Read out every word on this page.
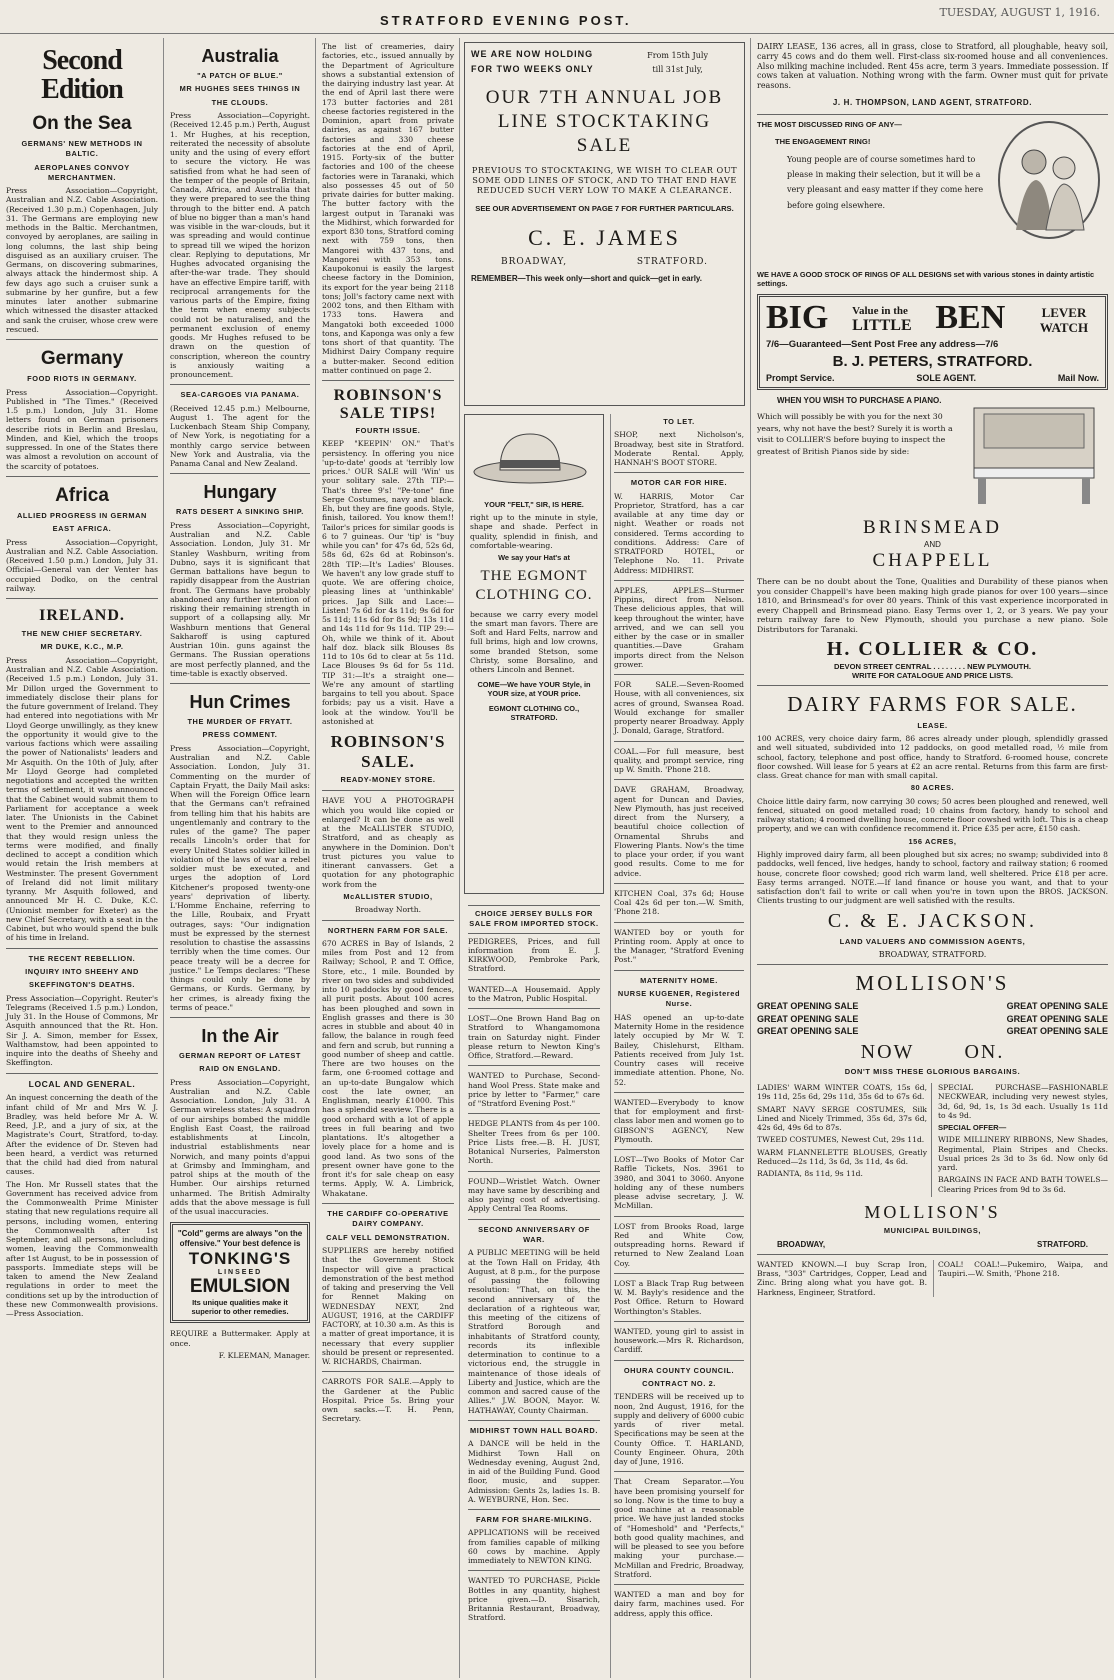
STRATFORD EVENING POST.
TUESDAY, AUGUST 1, 1916.
Second Edition
On the Sea
GERMANS' NEW METHODS IN BALTIC.
AEROPLANES CONVOY MERCHANTMEN.

Press Association—Copyright, Australian and N.Z. Cable Association. (Received 1.30 p.m.) Copenhagen, July 31. The Germans are employing new methods in the Baltic. Merchantmen, convoyed by aeroplanes, are sailing in long columns, the last ship being disguised as an auxiliary cruiser. The Germans, on discovering submarines, always attack the hindermost ship. A few days ago such a cruiser sunk a submarine by her gunfire, but a few minutes later another submarine which witnessed the disaster attacked and sank the cruiser, whose crew were rescued.

Germany
FOOD RIOTS IN GERMANY.

Press Association—Copyright. Published in "The Times." (Received 1.5 p.m.) London, July 31. Home letters found on German prisoners describe riots in Berlin and Breslau, Minden, and Kiel, which the troops suppressed. In one of the States there was almost a revolution on account of the scarcity of potatoes.

Africa
ALLIED PROGRESS IN GERMAN
EAST AFRICA.

Press Association—Copyright, Australian and N.Z. Cable Association. (Received 1.50 p.m.) London, July 31. Official—General van der Venter has occupied Dodko, on the central railway.

IRELAND.
THE NEW CHIEF SECRETARY.
MR DUKE, K.C., M.P.

Press Association—Copyright, Australian and N.Z. Cable Association. (Received 1.5 p.m.) London, July 31. Mr Dillon urged the Government to immediately disclose their plans for the future government of Ireland. They had entered into negotiations with Mr Lloyd George unwillingly, as they knew the opportunity it would give to the various factions which were assailing the power of Nationalists' leaders and Mr Asquith. On the 10th of July, after Mr Lloyd George had completed negotiations and accepted the written terms of settlement, it was announced that the Cabinet would submit them to Parliament for acceptance a week later. The Unionists in the Cabinet went to the Premier and announced that they would resign unless the terms were modified, and finally declined to accept a condition which would retain the Irish members at Westminster. The present Government of Ireland did not limit military tyranny. Mr Asquith followed, and announced Mr H. C. Duke, K.C. (Unionist member for Exeter) as the new Chief Secretary, with a seat in the Cabinet, but who would spend the bulk of his time in Ireland.

THE RECENT REBELLION.
INQUIRY INTO SHEEHY AND
SKEFFINGTON'S DEATHS.

Press Association—Copyright. Reuter's Telegrams (Received 1.5 p.m.) London, July 31. In the House of Commons, Mr Asquith announced that the Rt. Hon. Sir J. A. Simon, member for Essex, Walthamstow, had been appointed to inquire into the deaths of Sheehy and Skeffington.

LOCAL AND GENERAL.

An inquest concerning the death of the infant child of Mr and Mrs W. J. Bradley, was held before Mr A. W. Reed, J.P., and a jury of six, at the Magistrate's Court, Stratford, to-day. After the evidence of Dr. Steven had been heard, a verdict was returned that the child had died from natural causes.

The Hon. Mr Russell states that the Government has received advice from the Commonwealth Prime Minister stating that new regulations require all persons, including women, entering the Commonwealth after 1st September, and all persons, including women, leaving the Commonwealth after 1st August, to be in possession of passports. Immediate steps will be taken to amend the New Zealand regulations in order to meet the conditions set up by the introduction of these new Commonwealth provisions.—Press Association.

Australia
"A PATCH OF BLUE."
MR HUGHES SEES THINGS IN
THE CLOUDS.

Press Association—Copyright. (Received 12.45 p.m.) Perth, August 1. Mr Hughes, at his reception, reiterated the necessity of absolute unity and the using of every effort to secure the victory. He was satisfied from what he had seen of the temper of the people of Britain, Canada, Africa, and Australia that they were prepared to see the thing through to the bitter end. A patch of blue no bigger than a man's hand was visible in the war-clouds, but it was spreading and would continue to spread till we wiped the horizon clear. Replying to deputations, Mr Hughes advocated organising the after-the-war trade. They should have an effective Empire tariff, with reciprocal arrangements for the various parts of the Empire, fixing the term when enemy subjects could not be naturalised, and the permanent exclusion of enemy goods. Mr Hughes refused to be drawn on the question of conscription, whereon the country is anxiously waiting a pronouncement.

SEA-CARGOES VIA PANAMA.

(Received 12.45 p.m.) Melbourne, August 1. The agent for the Luckenbach Steam Ship Company, of New York, is negotiating for a monthly cargo service between New York and Australia, via the Panama Canal and New Zealand.

Hungary
RATS DESERT A SINKING SHIP.

Press Association—Copyright, Australian and N.Z. Cable Association. London, July 31. Mr Stanley Washburn, writing from Dubno, says it is significant that German battalions have begun to rapidly disappear from the Austrian front. The Germans have probably abandoned any further intention of risking their remaining strength in support of a collapsing ally. Mr Washburn mentions that General Sakharoff is using captured Austrian 10in. guns against the Germans. The Russian operations are most perfectly planned, and the time-table is exactly observed.

Hun Crimes
THE MURDER OF FRYATT.
PRESS COMMENT.

Press Association—Copyright, Australian and N.Z. Cable Association. London, July 31. Commenting on the murder of Captain Fryatt, the Daily Mail asks: When will the Foreign Office learn that the Germans can't refrained from telling him that his habits are ungentlemanly and contrary to the rules of the game? The paper recalls Lincoln's order that for every United States soldier killed in violation of the laws of war a rebel soldier must be executed, and urges the adoption of Lord Kitchener's proposed twenty-one years' deprivation of liberty. L'Homme Enchaine, referring to the Lille, Roubaix, and Fryatt outrages, says: "Our indignation must be expressed by the sternest resolution to chastise the assassins terribly when the time comes. Our peace treaty will be a decree for justice." Le Temps declares: "These things could only be done by Germans, or Kurds. Germany, by her crimes, is already fixing the terms of peace."

In the Air
GERMAN REPORT OF LATEST
RAID ON ENGLAND.

Press Association—Copyright, Australian and N.Z. Cable Association. London, July 31. A German wireless states: A squadron of our airships bombed the middle English East Coast, the railroad establishments at Lincoln, industrial establishments near Norwich, and many points d'appui at Grimsby and Immingham, and patrol ships at the mouth of the Humber. Our airships returned unharmed. The British Admiralty adds that the above message is full of the usual inaccuracies.

"Cold" germs are always "on the offensive." Your best defence is
TONKING'S
LINSEED
EMULSION
Its unique qualities make it superior to other remedies.

REQUIRE a Buttermaker. Apply at once.

F. KLEEMAN, Manager.

The list of creameries, dairy factories, etc., issued annually by the Department of Agriculture shows a substantial extension of the dairying industry last year. At the end of April last there were 173 butter factories and 281 cheese factories registered in the Dominion, apart from private dairies, as against 167 butter factories and 330 cheese factories at the end of April, 1915. Forty-six of the butter factories and 100 of the cheese factories were in Taranaki, which also possesses 45 out of 50 private dairies for butter making. The butter factory with the largest output in Taranaki was the Midhirst, which forwarded for export 830 tons, Stratford coming next with 759 tons, then Mangorei with 437 tons, and Mangorei with 353 tons. Kaupokonui is easily the largest cheese factory in the Dominion, its export for the year being 2118 tons; Joll's factory came next with 2002 tons, and then Eltham with 1733 tons. Hawera and Mangatoki both exceeded 1000 tons, and Kaponga was only a few tons short of that quantity. The Midhirst Dairy Company require a butter-maker. Second edition matter continued on page 2.

ROBINSON'S SALE TIPS!
FOURTH ISSUE.

KEEP "KEEPIN' ON." That's persistency. In offering you nice 'up-to-date' goods at 'terribly low prices.' OUR SALE will 'Win' us your solitary sale. 27th TIP:—That's three 9's! "Pe-tone" fine Serge Costumes, navy and black. Eh, but they are fine goods. Style, finish, tailored. You know them!! Tailor's prices for similar goods is 6 to 7 guineas. Our 'tip' is "buy while you can" for 47s 6d, 52s 6d, 58s 6d, 62s 6d at Robinson's. 28th TIP:—It's Ladies' Blouses. We haven't any low grade stuff to quote. We are offering choice, pleasing lines at 'unthinkable' prices. Jap Silk and Lace:—Listen! 7s 6d for 4s 11d; 9s 6d for 5s 11d; 11s 6d for 8s 9d; 13s 11d and 14s 11d for 9s 11d. TIP 29:—Oh, while we think of it. About half doz. black silk Blouses 8s 11d to 10s 6d to clear at 5s 11d. Lace Blouses 9s 6d for 5s 11d. TIP 31:—It's a straight one—We're any amount of startling bargains to tell you about. Space forbids; pay us a visit. Have a look at the window. You'll be astonished at

ROBINSON'S SALE.
READY-MONEY STORE.

HAVE YOU A PHOTOGRAPH which you would like copied or enlarged? It can be done as well at the McALLISTER STUDIO, Stratford, and as cheaply as anywhere in the Dominion. Don't trust pictures you value to itinerant canvassers. Get a quotation for any photographic work from the

McALLISTER STUDIO,

Broadway North.

NORTHERN FARM FOR SALE.

670 ACRES in Bay of Islands, 2 miles from Post and 12 from Railway; School, P. and T. Office, Store, etc., 1 mile. Bounded by river on two sides and subdivided into 10 paddocks by good fences, all purit posts. About 100 acres has been ploughed and sown in English grasses and there is 30 acres in stubble and about 40 in fallow, the balance in rough feed and fern and scrub, but running a good number of sheep and cattle. There are two houses on the farm, one 6-roomed cottage and an up-to-date Bungalow which cost the late owner, an Englishman, nearly £1000. This has a splendid seaview. There is a good orchard with a lot of apple trees in full bearing and two plantations. It's altogether a lovely place for a home and is good land. As two sons of the present owner have gone to the front it's for sale cheap on easy terms. Apply, W. A. Limbrick, Whakatane.

THE CARDIFF CO-OPERATIVE DAIRY COMPANY.
CALF VELL DEMONSTRATION.

SUPPLIERS are hereby notified that the Government Stock Inspector will give a practical demonstration of the best method of taking and preserving the Vell for Rennet Making on WEDNESDAY NEXT, 2nd AUGUST, 1916, at the CARDIFF FACTORY, at 10.30 a.m. As this is a matter of great importance, it is necessary that every supplier should be present or represented. W. RICHARDS, Chairman.

CARROTS FOR SALE.—Apply to the Gardener at the Public Hospital. Price 5s. Bring your own sacks.—T. H. Penn, Secretary.

WE ARE NOW HOLDING
FOR TWO WEEKS ONLY
From 15th July
till 31st July,
OUR 7TH ANNUAL JOB LINE STOCKTAKING SALE

PREVIOUS TO STOCKTAKING, WE WISH TO CLEAR OUT SOME ODD LINES OF STOCK, AND TO THAT END HAVE REDUCED SUCH VERY LOW TO MAKE A CLEARANCE.

SEE OUR ADVERTISEMENT ON PAGE 7 FOR FURTHER PARTICULARS.
C. E. JAMES
BROADWAY,	STRATFORD.
REMEMBER—This week only—short and quick—get in early.
YOUR "FELT," SIR, IS HERE.

right up to the minute in style, shape and shade. Perfect in quality, splendid in finish, and comfortable-wearing.

We say your Hat's at
THE EGMONT CLOTHING CO.

because we carry every model the smart man favors. There are Soft and Hard Felts, narrow and full brims, high and low crowns, some branded Stetson, some Christy, some Borsalino, and others Lincoln and Bennet.

COME—We have YOUR Style, in YOUR size, at YOUR price.
EGMONT CLOTHING CO., STRATFORD.
CHOICE JERSEY BULLS FOR SALE FROM IMPORTED STOCK.

PEDIGREES, Prices, and full information from E. J. KIRKWOOD, Pembroke Park, Stratford.

WANTED—A Housemaid. Apply to the Matron, Public Hospital.

LOST—One Brown Hand Bag on Stratford to Whangamomona train on Saturday night. Finder please return to Newton King's Office, Stratford.—Reward.

WANTED to Purchase, Second-hand Wool Press. State make and price by letter to "Farmer," care of "Stratford Evening Post."

HEDGE PLANTS from 4s per 100. Shelter Trees from 6s per 100. Price Lists free.—B. H. JUST, Botanical Nurseries, Palmerston North.

FOUND—Wristlet Watch. Owner may have same by describing and also paying cost of advertising. Apply Central Tea Rooms.

SECOND ANNIVERSARY OF WAR.

A PUBLIC MEETING will be held at the Town Hall on Friday, 4th August, at 8 p.m., for the purpose of passing the following resolution: "That, on this, the second anniversary of the declaration of a righteous war, this meeting of the citizens of Stratford Borough and inhabitants of Stratford county, records its inflexible determination to continue to a victorious end, the struggle in maintenance of those ideals of Liberty and Justice, which are the common and sacred cause of the Allies." J.W. BOON, Mayor. W. HATHAWAY, County Chairman.

MIDHIRST TOWN HALL BOARD.

A DANCE will be held in the Midhirst Town Hall on Wednesday evening, August 2nd, in aid of the Building Fund. Good floor, music, and supper. Admission: Gents 2s, ladies 1s. B. A. WEYBURNE, Hon. Sec.

FARM FOR SHARE-MILKING.

APPLICATIONS will be received from families capable of milking 60 cows by machine. Apply immediately to NEWTON KING.

WANTED TO PURCHASE, Pickle Bottles in any quantity, highest price given.—D. Sisarich, Britannia Restaurant, Broadway, Stratford.

TO LET.

SHOP, next Nicholson's, Broadway, best site in Stratford. Moderate Rental. Apply, HANNAH'S BOOT STORE.

MOTOR CAR FOR HIRE.

W. HARRIS, Motor Car Proprietor, Stratford, has a car available at any time day or night. Weather or roads not considered. Terms according to conditions. Address: Care of STRATFORD HOTEL, or Telephone No. 11. Private Address: MIDHIRST.

APPLES, APPLES—Sturmer Pippins, direct from Nelson. These delicious apples, that will keep throughout the winter, have arrived, and we can sell you either by the case or in smaller quantities.—Dave Graham imports direct from the Nelson grower.

FOR SALE.—Seven-Roomed House, with all conveniences, six acres of ground, Swansea Road. Would exchange for smaller property nearer Broadway. Apply J. Donald, Garage, Stratford.

COAL.—For full measure, best quality, and prompt service, ring up W. Smith. 'Phone 218.

DAVE GRAHAM, Broadway, agent for Duncan and Davies, New Plymouth, has just received direct from the Nursery, a beautiful choice collection of Ornamental Shrubs and Flowering Plants. Now's the time to place your order, if you want good results. Come to me for advice.

KITCHEN Coal, 37s 6d; House Coal 42s 6d per ton.—W. Smith, 'Phone 218.

WANTED boy or youth for Printing room. Apply at once to the Manager, "Stratford Evening Post."

MATERNITY HOME.
NURSE KUGENER, Registered Nurse.

HAS opened an up-to-date Maternity Home in the residence lately occupied by Mr W. T. Bailey, Chislehurst, Eltham. Patients received from July 1st. Country cases will receive immediate attention. Phone, No. 52.

WANTED—Everybody to know that for employment and first-class labor men and women go to GIBSON'S AGENCY, New Plymouth.

LOST—Two Books of Motor Car Raffle Tickets, Nos. 3961 to 3980, and 3041 to 3060. Anyone holding any of these numbers please advise secretary, J. W. McMillan.

LOST from Brooks Road, large Red and White Cow, outspreading horns. Reward if returned to New Zealand Loan Coy.

LOST a Black Trap Rug between W. M. Bayly's residence and the Post Office. Return to Howard Worthington's Stables.

WANTED, young girl to assist in housework.—Mrs R. Richardson, Cardiff.

OHURA COUNTY COUNCIL.
CONTRACT NO. 2.

TENDERS will be received up to noon, 2nd August, 1916, for the supply and delivery of 6000 cubic yards of river metal. Specifications may be seen at the County Office. T. HARLAND, County Engineer. Ohura, 20th day of June, 1916.

That Cream Separator.—You have been promising yourself for so long. Now is the time to buy a good machine at a reasonable price. We have just landed stocks of "Homeshold" and "Perfects," both good quality machines, and will be pleased to see you before making your purchase.—McMillan and Fredric, Broadway, Stratford.

WANTED a man and boy for dairy farm, machines used. For address, apply this office.

DAIRY LEASE, 136 acres, all in grass, close to Stratford, all ploughable, heavy soil, carry 45 cows and do them well. First-class six-roomed house and all conveniences. Also milking machine included. Rent 45s acre, term 3 years. Immediate possession. If cows taken at valuation. Nothing wrong with the farm. Owner must quit for private reasons.

J. H. THOMPSON, LAND AGENT, STRATFORD.
THE MOST DISCUSSED RING OF ANY—
THE ENGAGEMENT RING!

Young people are of course sometimes hard to please in making their selection, but it will be a very pleasant and easy matter if they come here before going elsewhere.

WE HAVE A GOOD STOCK OF RINGS OF ALL DESIGNS set with various stones in dainty artistic settings.
BIG Value in the
LITTLE BEN	LEVER WATCH
7/6—Guaranteed—Sent Post Free any address—7/6
B. J. PETERS, STRATFORD.
Prompt Service.	SOLE AGENT.	Mail Now.
WHEN YOU WISH TO PURCHASE A PIANO.

Which will possibly be with you for the next 30 years, why not have the best? Surely it is worth a visit to COLLIER'S before buying to inspect the greatest of British Pianos side by side:

BRINSMEAD
AND
CHAPPELL

There can be no doubt about the Tone, Qualities and Durability of these pianos when you consider Chappell's have been making high grade pianos for over 100 years—since 1810, and Brinsmead's for over 80 years. Think of this vast experience incorporated in every Chappell and Brinsmead piano. Easy Terms over 1, 2, or 3 years. We pay your return railway fare to New Plymouth, should you purchase a new piano. Sole Distributors for Taranaki.

H. COLLIER & CO.
DEVON STREET CENTRAL . . . . . . . . NEW PLYMOUTH.
WRITE FOR CATALOGUE AND PRICE LISTS.
DAIRY FARMS FOR SALE.
LEASE.

100 ACRES, very choice dairy farm, 86 acres already under plough, splendidly grassed and well situated, subdivided into 12 paddocks, on good metalled road, ½ mile from school, factory, telephone and post office, handy to Stratford. 6-roomed house, concrete floor cowshed. Will lease for 5 years at £2 an acre rental. Returns from this farm are first-class. Great chance for man with small capital.

80 ACRES.

Choice little dairy farm, now carrying 30 cows; 50 acres been ploughed and renewed, well fenced, situated on good metalled road; 10 chains from factory, handy to school and railway station; 4 roomed dwelling house, concrete floor cowshed with loft. This is a cheap property, and we can with confidence recommend it. Price £35 per acre, £150 cash.

156 ACRES,

Highly improved dairy farm, all been ploughed but six acres; no swamp; subdivided into 8 paddocks, well fenced, live hedges, handy to school, factory and railway station; 6 roomed house, concrete floor cowshed; good rich warm land, well sheltered. Price £18 per acre. Easy terms arranged. NOTE.—If land finance or house you want, and that to your satisfaction don't fail to write or call when you're in town upon the BROS. JACKSON. Clients trusting to our judgment are well satisfied with the results.

C. & E. JACKSON.
LAND VALUERS AND COMMISSION AGENTS,
BROADWAY, STRATFORD.
MOLLISON'S
GREAT OPENING SALE
GREAT OPENING SALE
GREAT OPENING SALE
GREAT OPENING SALE
GREAT OPENING SALE
GREAT OPENING SALE
NOW	ON.
DON'T MISS THESE GLORIOUS BARGAINS.

LADIES' WARM WINTER COATS, 15s 6d, 19s 11d, 25s 6d, 29s 11d, 35s 6d to 67s 6d.

SMART NAVY SERGE COSTUMES, Silk Lined and Nicely Trimmed, 35s 6d, 37s 6d, 42s 6d, 49s 6d to 87s.

TWEED COSTUMES, Newest Cut, 29s 11d.

WARM FLANNELETTE BLOUSES, Greatly Reduced—2s 11d, 3s 6d, 3s 11d, 4s 6d.

RADIANTA, 8s 11d, 9s 11d.

SPECIAL PURCHASE—FASHIONABLE NECKWEAR, including very newest styles, 3d, 6d, 9d, 1s, 1s 3d each. Usually 1s 11d to 4s 9d.

SPECIAL OFFER—

WIDE MILLINERY RIBBONS, New Shades, Regimental, Plain Stripes and Checks. Usual prices 2s 3d to 3s 6d. Now only 6d yard.

BARGAINS IN FACE AND BATH TOWELS—Clearing Prices from 9d to 3s 6d.

MOLLISON'S
MUNICIPAL BUILDINGS,
BROADWAY,	STRATFORD.

WANTED KNOWN.—I buy Scrap Iron, Brass, "303" Cartridges, Copper, Lead and Zinc. Bring along what you have got. B. Harkness, Engineer, Stratford.

COAL! COAL!—Pukemiro, Waipa, and Taupiri.—W. Smith, 'Phone 218.
